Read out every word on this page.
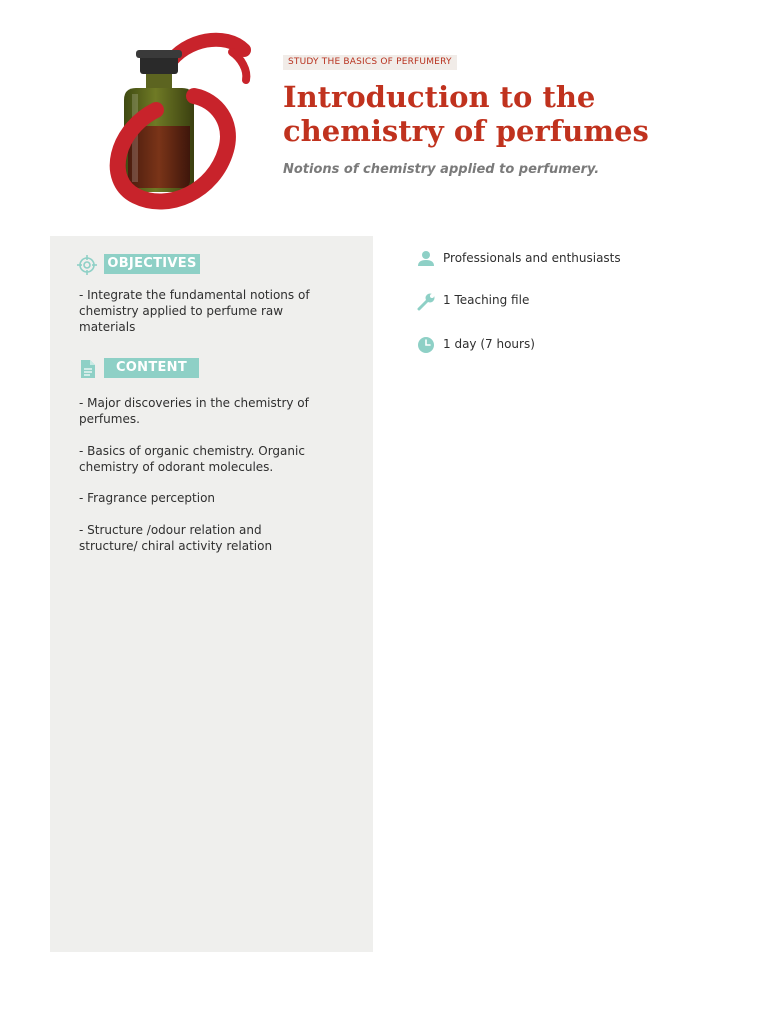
STUDY THE BASICS OF PERFUMERY
Introduction to the
chemistry of perfumes
Notions of chemistry applied to perfumery.
OBJECTIVES

- Integrate the fundamental notions of chemistry applied to perfume raw materials

CONTENT

- Major discoveries in the chemistry of perfumes.

- Basics of organic chemistry. Organic chemistry of odorant molecules.

- Fragrance perception

- Structure /odour relation and structure/ chiral activity relation

Professionals and enthusiasts
1 Teaching file
1 day (7 hours)
